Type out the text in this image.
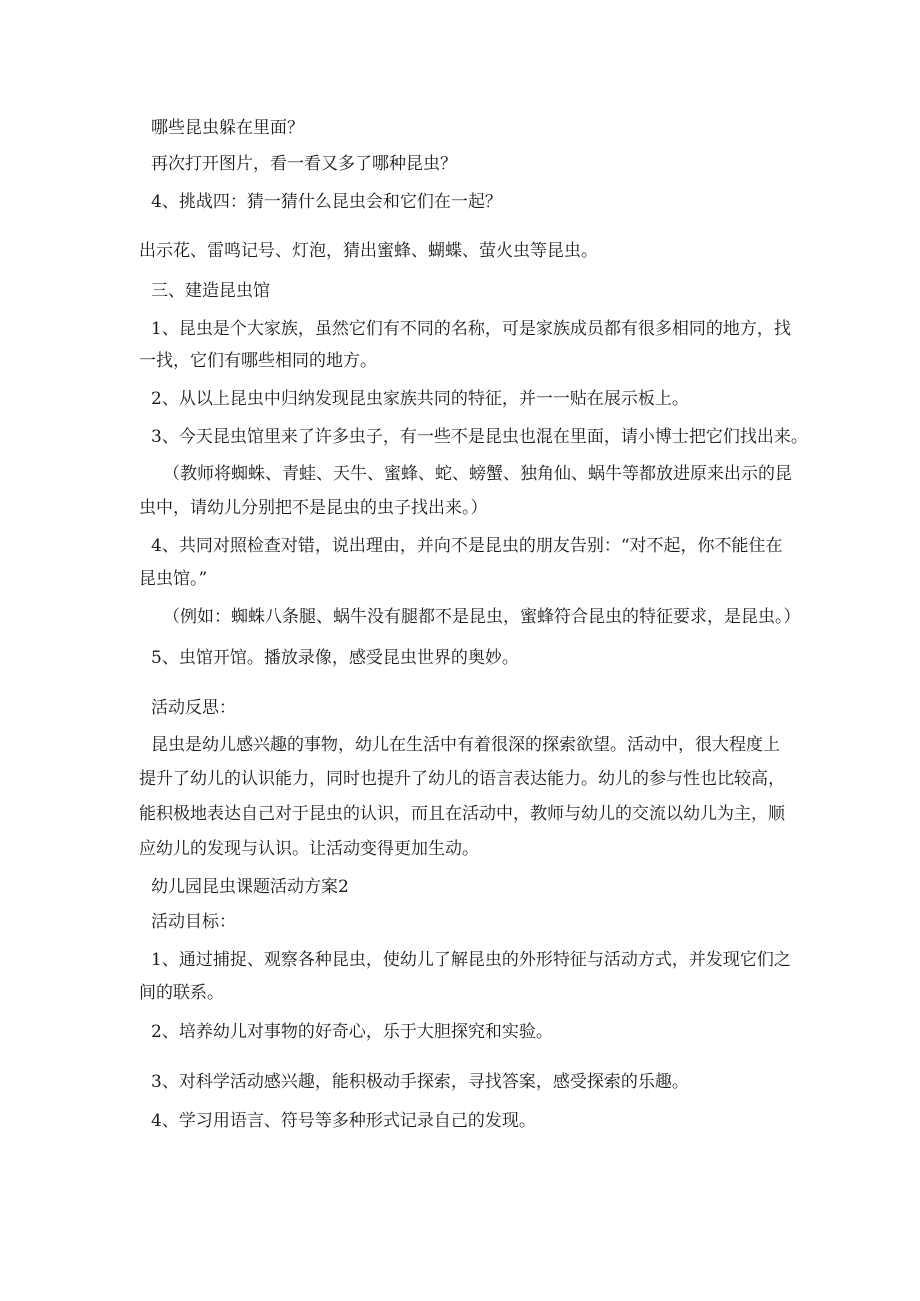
哪些昆虫躲在里面？

再次打开图片，看一看又多了哪种昆虫？

4、挑战四：猜一猜什么昆虫会和它们在一起？

出示花、雷鸣记号、灯泡，猜出蜜蜂、蝴蝶、萤火虫等昆虫。

三、建造昆虫馆

1、昆虫是个大家族，虽然它们有不同的名称，可是家族成员都有很多相同的地方，找

一找，它们有哪些相同的地方。

2、从以上昆虫中归纳发现昆虫家族共同的特征，并一一贴在展示板上。

3、今天昆虫馆里来了许多虫子，有一些不是昆虫也混在里面，请小博士把它们找出来。

（教师将蜘蛛、青蛙、天牛、蜜蜂、蛇、螃蟹、独角仙、蜗牛等都放进原来出示的昆

虫中，请幼儿分别把不是昆虫的虫子找出来。）

4、共同对照检查对错，说出理由，并向不是昆虫的朋友告别：“对不起，你不能住在

昆虫馆。”

（例如：蜘蛛八条腿、蜗牛没有腿都不是昆虫，蜜蜂符合昆虫的特征要求，是昆虫。）

5、虫馆开馆。播放录像，感受昆虫世界的奥妙。

活动反思：

昆虫是幼儿感兴趣的事物，幼儿在生活中有着很深的探索欲望。活动中，很大程度上

提升了幼儿的认识能力，同时也提升了幼儿的语言表达能力。幼儿的参与性也比较高，

能积极地表达自己对于昆虫的认识，而且在活动中，教师与幼儿的交流以幼儿为主，顺

应幼儿的发现与认识。让活动变得更加生动。

幼儿园昆虫课题活动方案2

活动目标：

1、通过捕捉、观察各种昆虫，使幼儿了解昆虫的外形特征与活动方式，并发现它们之

间的联系。

2、培养幼儿对事物的好奇心，乐于大胆探究和实验。

3、对科学活动感兴趣，能积极动手探索，寻找答案，感受探索的乐趣。

4、学习用语言、符号等多种形式记录自己的发现。
